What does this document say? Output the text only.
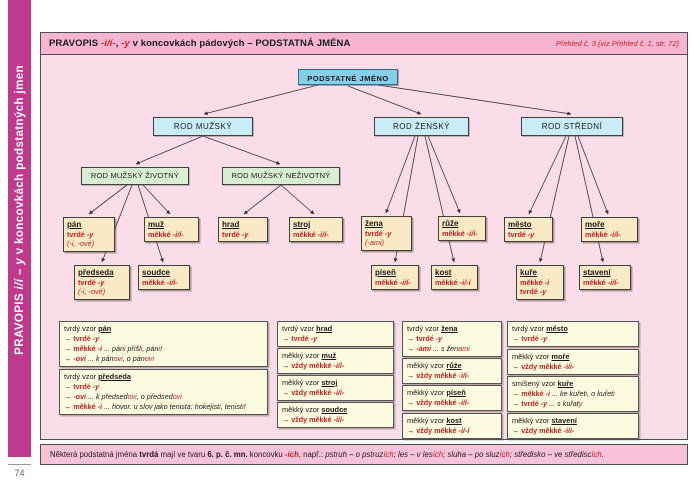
PRAVOPIS i/í – y v koncovkách podstatných jmen
74
PRAVOPIS -i/í-, -y v koncovkách pádových – PODSTATNÁ JMÉNA	Přehled č. 3 (viz Přehled č. 1, str. 72)
PODSTATNÉ JMÉNO
ROD MUŽSKÝ	ROD ŽENSKÝ	ROD STŘEDNÍ
ROD MUŽSKÝ ŽIVOTNÝ	ROD MUŽSKÝ NEŽIVOTNÝ
pán
tvrdé -y
(-i, -ové)
muž
měkké -i/í-
hrad
tvrdé -y
stroj
měkké -i/í-
žena
tvrdé -y
(-ami)
růže
měkké -i/í-
město
tvrdé -y
moře
měkké -i/í-
předseda
tvrdé -y
(-i, -ové)
soudce
měkké -i/í-
píseň
měkké -i/í-
kost
měkké -i/-í
kuře
měkké -i
tvrdé -y
stavení
měkké -i/í-
tvrdý vzor pán
→ tvrdé -y
→ měkké -i ... páni přišli, páni!
→ -ovi ... k pánovi, o pánovi
tvrdý vzor předseda
→ tvrdé -y
→ -ovi ... k předsedovi, o předsedovi
→ měkké -i ... hovor. u slov jako tenista: hokejisti, tenisti!
tvrdý vzor hrad
→ tvrdé -y
měkký vzor muž
→ vždy měkké -i/í-
měkký vzor stroj
→ vždy měkké -i/í-
měkký vzor soudce
→ vždy měkké -i/í-
tvrdý vzor žena
→ tvrdé -y
→ -ami ... s ženami
měkký vzor růže
→ vždy měkké -i/í-
měkký vzor píseň
→ vždy měkké -i/í-
měkký vzor kost
→ vždy měkké -i/-í
tvrdý vzor město
→ tvrdé -y
měkký vzor moře
→ vždy měkké -i/í-
smíšený vzor kuře
→ měkké -i ... ke kuřeti, o kuřeti
→ tvrdé -y ... s kuřaty
měkký vzor stavení
→ vždy měkké -i/í-
Některá podstatná jména tvrdá mají ve tvaru 6. p. č. mn. koncovku -ích, např.: pstruh – o pstruzích; les – v lesích; sluha – po sluzích; středisko – ve střediscích.
